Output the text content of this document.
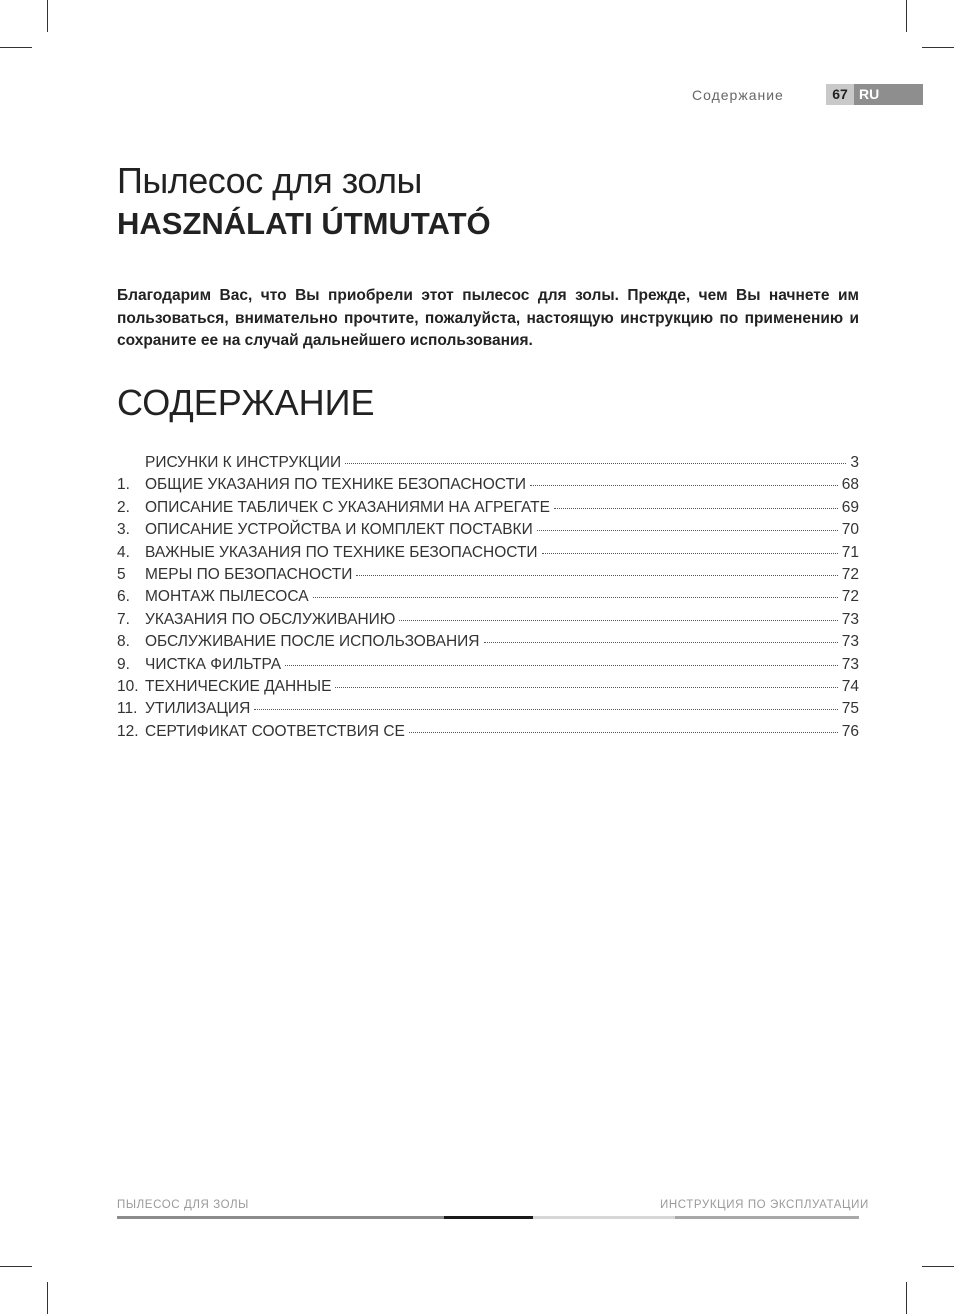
Содержание	67 RU
Пылесос для золы
HASZNÁLATI ÚTMUTATÓ
Благодарим Вас, что Вы приобрели этот пылесос для золы. Прежде, чем Вы начнете им пользоваться, внимательно прочтите, пожалуйста, настоящую инструкцию по применению и сохраните ее на случай дальнейшего использования.
СОДЕРЖАНИЕ
РИСУНКИ К ИНСТРУКЦИИ	3
1. ОБЩИЕ УКАЗАНИЯ ПО ТЕХНИКЕ БЕЗОПАСНОСТИ	68
2. ОПИСАНИЕ ТАБЛИЧЕК С УКАЗАНИЯМИ НА АГРЕГАТЕ	69
3. ОПИСАНИЕ УСТРОЙСТВА И КОМПЛЕКТ ПОСТАВКИ	70
4. ВАЖНЫЕ УКАЗАНИЯ ПО ТЕХНИКЕ БЕЗОПАСНОСТИ	71
5	МЕРЫ ПО БЕЗОПАСНОСТИ	72
6. МОНТАЖ ПЫЛЕСОСА	72
7. УКАЗАНИЯ ПО ОБСЛУЖИВАНИЮ	73
8. ОБСЛУЖИВАНИЕ ПОСЛЕ ИСПОЛЬЗОВАНИЯ	73
9. ЧИСТКА ФИЛЬТРА	73
10. ТЕХНИЧЕСКИЕ ДАННЫЕ	74
11. УТИЛИЗАЦИЯ	75
12. СЕРТИФИКАТ СООТВЕТСТВИЯ CE	76
ПЫЛЕСОС ДЛЯ ЗОЛЫ	ИНСТРУКЦИЯ ПО ЭКСПЛУАТАЦИИ
